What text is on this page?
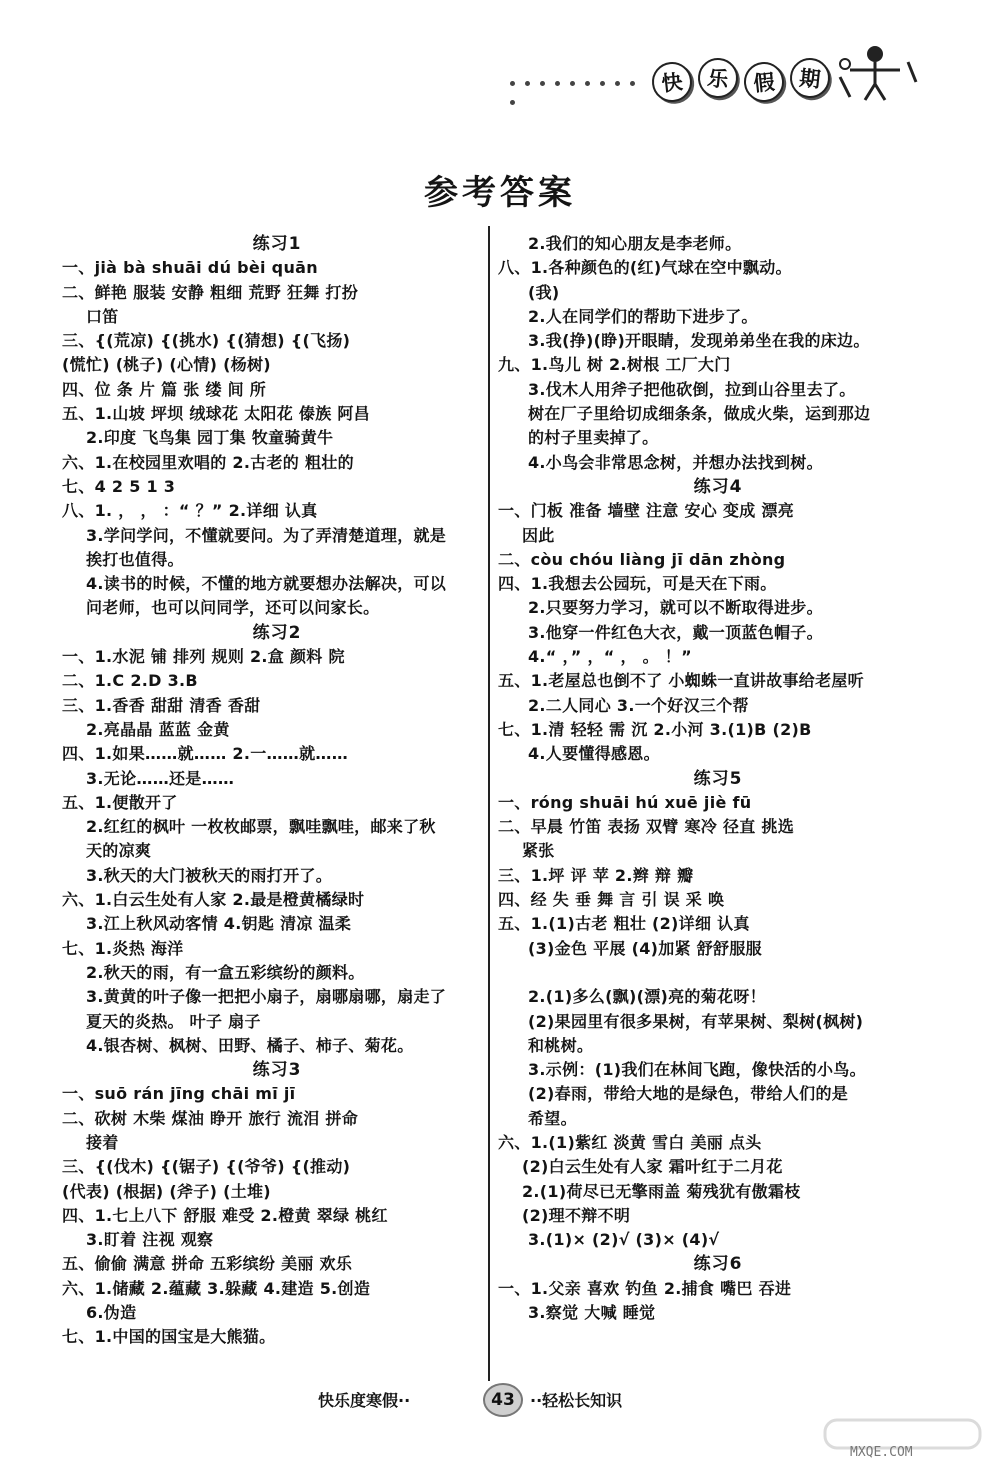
快	乐	假	期
参考答案
练习1
一、jià bà shuāi dú bèi quān
二、鲜艳 服装 安静 粗细 荒野 狂舞 打扮
口笛
三、{(荒凉) {(挑水) {(猜想) {(飞扬)
(慌忙) (桃子) (心情) (杨树)
四、位 条 片 篇 张 缕 间 所
五、1.山坡 坪坝 绒球花 太阳花 傣族 阿昌
2.印度 飞鸟集 园丁集 牧童骑黄牛
六、1.在校园里欢唱的 2.古老的 粗壮的
七、4 2 5 1 3
八、1. ， ， ：“ ？” 2.详细 认真
3.学问学问，不懂就要问。为了弄清楚道理，就是
挨打也值得。
4.读书的时候，不懂的地方就要想办法解决，可以
问老师，也可以问同学，还可以问家长。
练习2
一、1.水泥 铺 排列 规则 2.盒 颜料 院
二、1.C 2.D 3.B
三、1.香香 甜甜 清香 香甜
2.亮晶晶 蓝蓝 金黄
四、1.如果……就…… 2.一……就……
3.无论……还是……
五、1.便散开了
2.红红的枫叶 一枚枚邮票，飘哇飘哇，邮来了秋
天的凉爽
3.秋天的大门被秋天的雨打开了。
六、1.白云生处有人家 2.最是橙黄橘绿时
3.江上秋风动客情 4.钥匙 清凉 温柔
七、1.炎热 海洋
2.秋天的雨，有一盒五彩缤纷的颜料。
3.黄黄的叶子像一把把小扇子，扇哪扇哪，扇走了
夏天的炎热。 叶子 扇子
4.银杏树、枫树、田野、橘子、柿子、菊花。
练习3
一、suō rán jīng chāi mī jī
二、砍树 木柴 煤油 睁开 旅行 流泪 拼命
接着
三、{(伐木) {(锯子) {(爷爷) {(推动)
(代表) (根据) (斧子) (土堆)
四、1.七上八下 舒服 难受 2.橙黄 翠绿 桃红
3.盯着 注视 观察
五、偷偷 满意 拼命 五彩缤纷 美丽 欢乐
六、1.储藏 2.蕴藏 3.躲藏 4.建造 5.创造
6.伪造
七、1.中国的国宝是大熊猫。
2.我们的知心朋友是李老师。
八、1.各种颜色的(红)气球在空中飘动。
(我)
2.人在同学们的帮助下进步了。
3.我(挣)(睁)开眼睛，发现弟弟坐在我的床边。
九、1.鸟儿 树 2.树根 工厂大门
3.伐木人用斧子把他砍倒，拉到山谷里去了。
树在厂子里给切成细条条，做成火柴，运到那边
的村子里卖掉了。
4.小鸟会非常思念树，并想办法找到树。
练习4
一、门板 准备 墙壁 注意 安心 变成 漂亮
因此
二、còu chóu liàng jī dān zhòng
四、1.我想去公园玩，可是天在下雨。
2.只要努力学习，就可以不断取得进步。
3.他穿一件红色大衣，戴一顶蓝色帽子。
4.“ ，” ，“ ， 。 ！”
五、1.老屋总也倒不了 小蜘蛛一直讲故事给老屋听
2.二人同心 3.一个好汉三个帮
七、1.清 轻轻 需 沉 2.小河 3.(1)B (2)B
4.人要懂得感恩。
练习5
一、róng shuāi hú xuē jiè fū
二、早晨 竹笛 表扬 双臂 寒冷 径直 挑选
紧张
三、1.坪 评 苹 2.辫 辩 瓣
四、经 失 垂 舞 言 引 误 采 唤
五、1.(1)古老 粗壮 (2)详细 认真
(3)金色 平展 (4)加紧 舒舒服服
2.(1)多么(飘)(漂)亮的菊花呀！
(2)果园里有很多果树，有苹果树、梨树(枫树)
和桃树。
3.示例：(1)我们在林间飞跑，像快活的小鸟。
(2)春雨，带给大地的是绿色，带给人们的是
希望。
六、1.(1)紫红 淡黄 雪白 美丽 点头
(2)白云生处有人家 霜叶红于二月花
2.(1)荷尽已无擎雨盖 菊残犹有傲霜枝
(2)理不辩不明
3.(1)× (2)√ (3)× (4)√
练习6
一、1.父亲 喜欢 钓鱼 2.捕食 嘴巴 吞进
3.察觉 大喊 睡觉
快乐度寒假··	43 ··轻松长知识
MXQE.COM
